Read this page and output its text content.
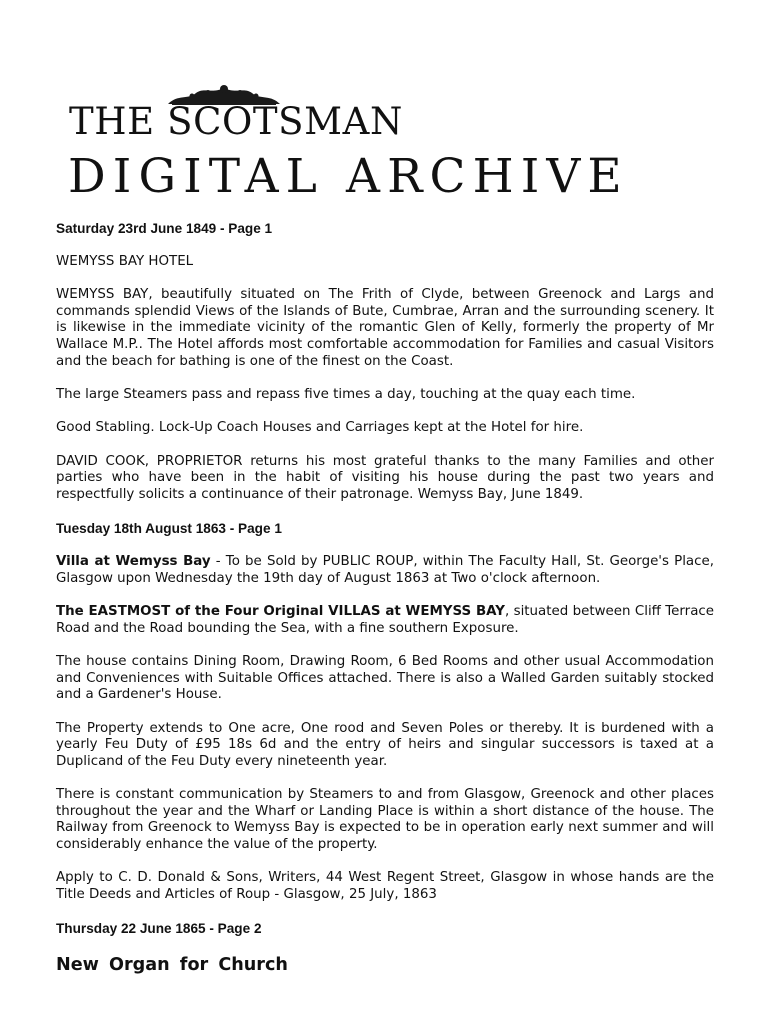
THE SCOTSMAN
DIGITAL ARCHIVE

Saturday 23rd June 1849 - Page 1

WEMYSS BAY HOTEL

WEMYSS BAY, beautifully situated on The Frith of Clyde, between Greenock and Largs and commands splendid Views of the Islands of Bute, Cumbrae, Arran and the surrounding scenery. It is likewise in the immediate vicinity of the romantic Glen of Kelly, formerly the property of Mr Wallace M.P.. The Hotel affords most comfortable accommodation for Families and casual Visitors and the beach for bathing is one of the finest on the Coast.

The large Steamers pass and repass five times a day, touching at the quay each time.

Good Stabling. Lock-Up Coach Houses and Carriages kept at the Hotel for hire.

DAVID COOK, PROPRIETOR returns his most grateful thanks to the many Families and other parties who have been in the habit of visiting his house during the past two years and respectfully solicits a continuance of their patronage. Wemyss Bay, June 1849.

Tuesday 18th August 1863 - Page 1

Villa at Wemyss Bay - To be Sold by PUBLIC ROUP, within The Faculty Hall, St. George's Place, Glasgow upon Wednesday the 19th day of August 1863 at Two o'clock afternoon.

The EASTMOST of the Four Original VILLAS at WEMYSS BAY, situated between Cliff Terrace Road and the Road bounding the Sea, with a fine southern Exposure.

The house contains Dining Room, Drawing Room, 6 Bed Rooms and other usual Accommodation and Conveniences with Suitable Offices attached. There is also a Walled Garden suitably stocked and a Gardener's House.

The Property extends to One acre, One rood and Seven Poles or thereby. It is burdened with a yearly Feu Duty of £95 18s 6d and the entry of heirs and singular successors is taxed at a Duplicand of the Feu Duty every nineteenth year.

There is constant communication by Steamers to and from Glasgow, Greenock and other places throughout the year and the Wharf or Landing Place is within a short distance of the house. The Railway from Greenock to Wemyss Bay is expected to be in operation early next summer and will considerably enhance the value of the property.

Apply to C. D. Donald & Sons, Writers, 44 West Regent Street, Glasgow in whose hands are the Title Deeds and Articles of Roup - Glasgow, 25 July, 1863

Thursday 22 June 1865 - Page 2

New Organ for Church
